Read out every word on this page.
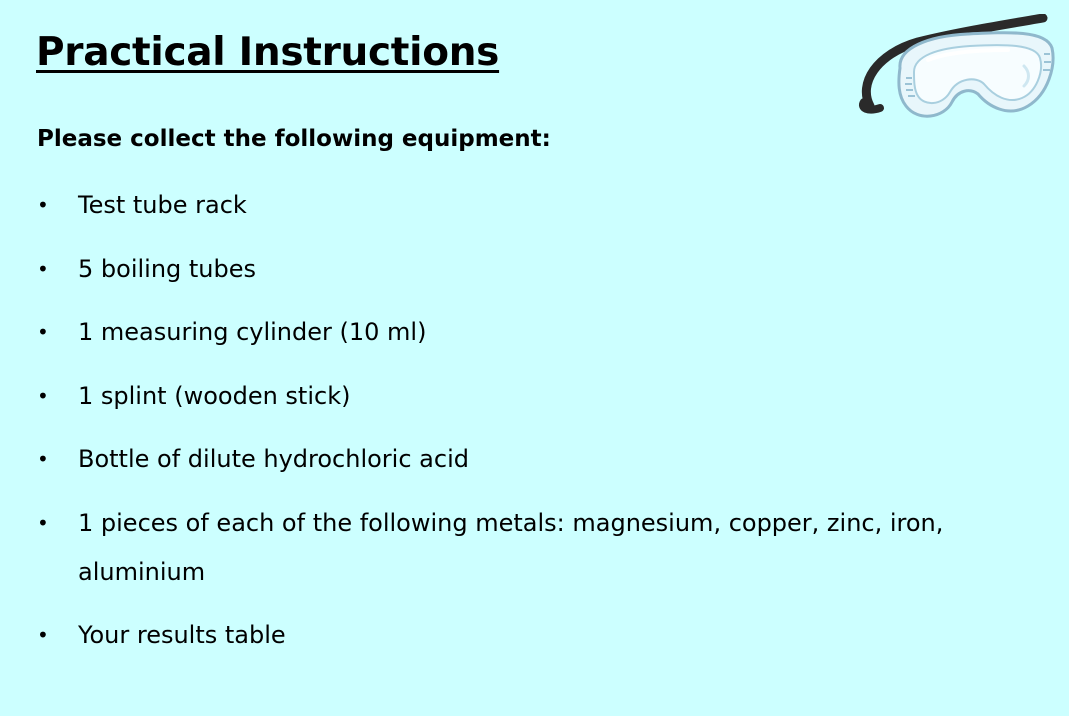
Practical Instructions

Please collect the following equipment:

• Test tube rack
• 5 boiling tubes
• 1 measuring cylinder (10 ml)
• 1 splint (wooden stick)
• Bottle of dilute hydrochloric acid
• 1 pieces of each of the following metals: magnesium, copper, zinc, iron, aluminium
• Your results table
